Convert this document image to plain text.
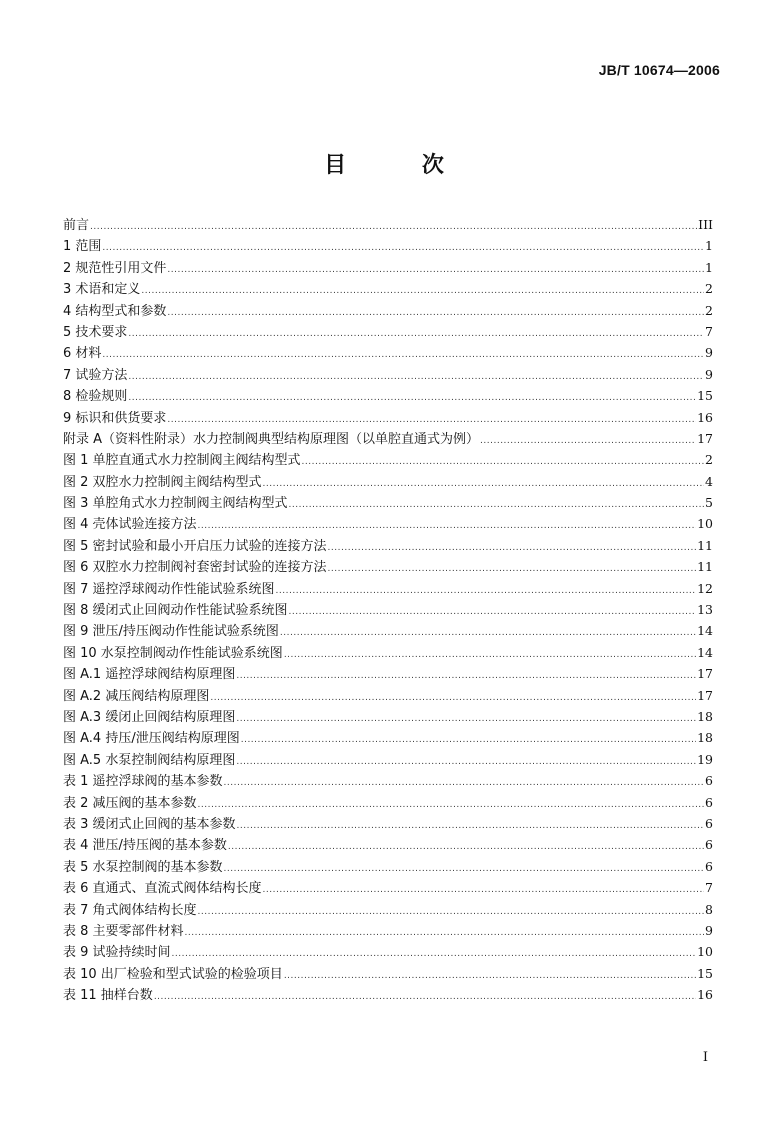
JB/T 10674—2006
目 次
前言 .....	III
1 范围 .....	1
2 规范性引用文件 .....	1
3 术语和定义 .....	2
4 结构型式和参数 .....	2
5 技术要求 .....	7
6 材料 .....	9
7 试验方法 .....	9
8 检验规则 .....	15
9 标识和供货要求 .....	16
附录 A（资料性附录）水力控制阀典型结构原理图（以单腔直通式为例） .....	17
图 1 单腔直通式水力控制阀主阀结构型式 .....	2
图 2 双腔水力控制阀主阀结构型式 .....	4
图 3 单腔角式水力控制阀主阀结构型式 .....	5
图 4 壳体试验连接方法 .....	10
图 5 密封试验和最小开启压力试验的连接方法 .....	11
图 6 双腔水力控制阀衬套密封试验的连接方法 .....	11
图 7 遥控浮球阀动作性能试验系统图 .....	12
图 8 缓闭式止回阀动作性能试验系统图 .....	13
图 9 泄压/持压阀动作性能试验系统图 .....	14
图 10 水泵控制阀动作性能试验系统图 .....	14
图 A.1 遥控浮球阀结构原理图 .....	17
图 A.2 减压阀结构原理图 .....	17
图 A.3 缓闭止回阀结构原理图 .....	18
图 A.4 持压/泄压阀结构原理图 .....	18
图 A.5 水泵控制阀结构原理图 .....	19
表 1 遥控浮球阀的基本参数 .....	6
表 2 减压阀的基本参数 .....	6
表 3 缓闭式止回阀的基本参数 .....	6
表 4 泄压/持压阀的基本参数 .....	6
表 5 水泵控制阀的基本参数 .....	6
表 6 直通式、直流式阀体结构长度 .....	7
表 7 角式阀体结构长度 .....	8
表 8 主要零部件材料 .....	9
表 9 试验持续时间 .....	10
表 10 出厂检验和型式试验的检验项目 .....	15
表 11 抽样台数 .....	16
I
